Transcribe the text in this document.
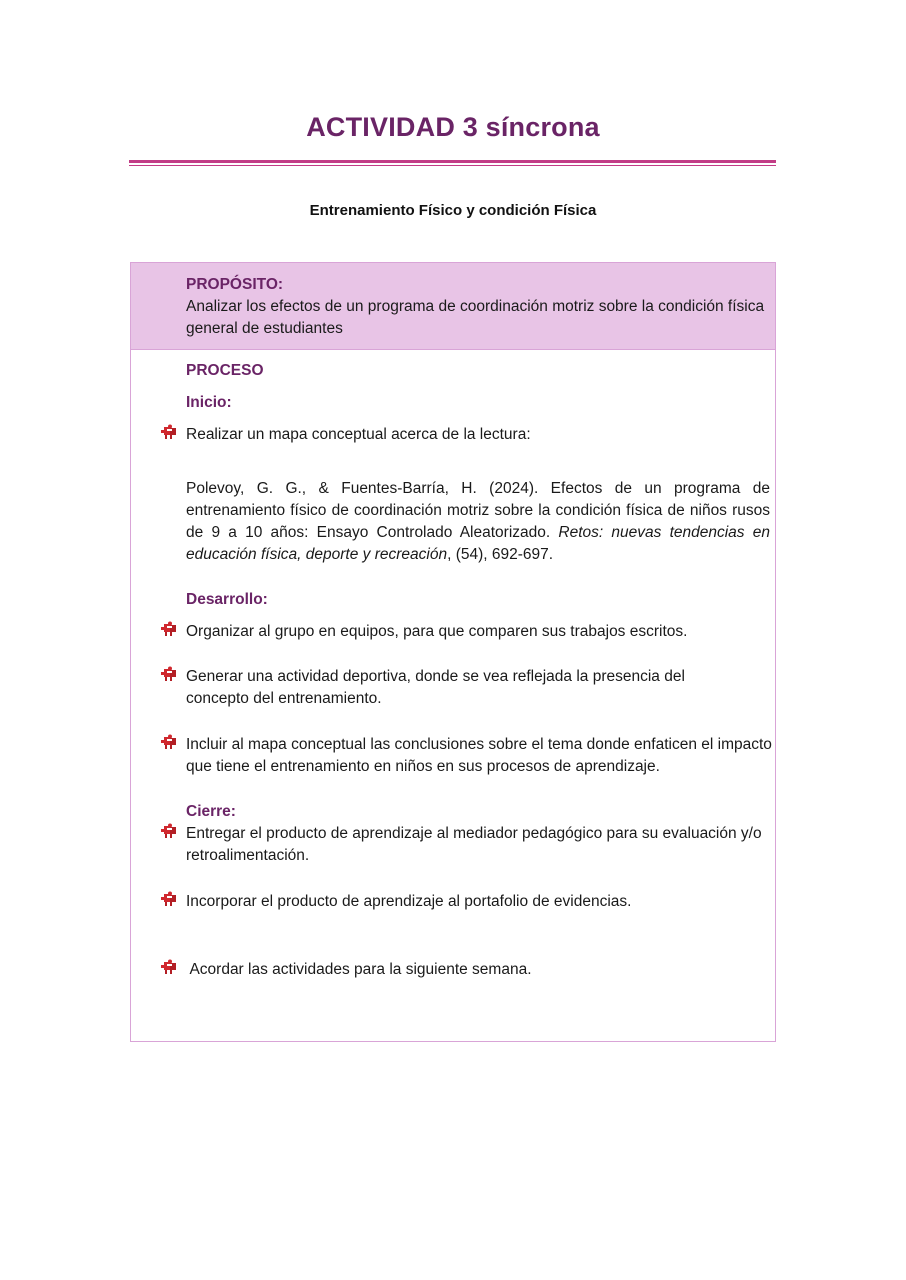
ACTIVIDAD 3 síncrona
Entrenamiento Físico y condición Física
PROPÓSITO:
Analizar los efectos de un programa de coordinación motriz sobre la condición física general de estudiantes
PROCESO
Inicio:
Realizar un mapa conceptual acerca de la lectura:
Polevoy, G. G., & Fuentes-Barría, H. (2024). Efectos de un programa de entrenamiento físico de coordinación motriz sobre la condición física de niños rusos de 9 a 10 años: Ensayo Controlado Aleatorizado. Retos: nuevas tendencias en educación física, deporte y recreación, (54), 692-697.
Desarrollo:
Organizar al grupo en equipos, para que comparen sus trabajos escritos.
Generar una actividad deportiva, donde se vea reflejada la presencia del concepto del entrenamiento.
Incluir al mapa conceptual las conclusiones sobre el tema donde enfaticen el impacto que tiene el entrenamiento en niños en sus procesos de aprendizaje.
Cierre:
Entregar el producto de aprendizaje al mediador pedagógico para su evaluación y/o retroalimentación.
Incorporar el producto de aprendizaje al portafolio de evidencias.
Acordar las actividades para la siguiente semana.
